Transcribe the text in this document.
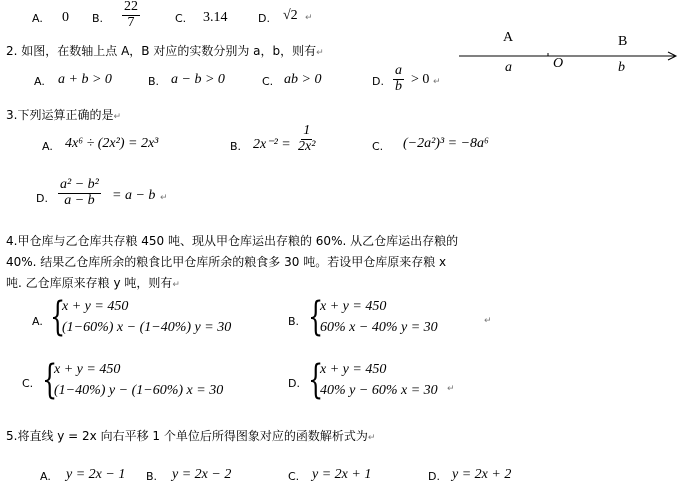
A. 0 B. $\frac{22}{7}$	C. 3.14	D. √2 ↵
2. 如图，在数轴上点 A，B 对应的实数分别为 a，b，则有↵
A	B
a	O	b
A. a + b > 0	B. a − b > 0	C. ab > 0	D. $\frac{a}{b} > 0$ ↵
3.下列运算正确的是↵
A. 4x⁶ ÷ (2x²) = 2x³	B. $2x^{-2} = \frac{1}{\text{2x²}}$	C. (−2a²)³ = −8a⁶
D. $\frac{\text{a² − b²}}{a - b} = a - b$ ↵
4.甲仓库与乙仓库共存粮 450 吨、现从甲仓库运出存粮的 60%. 从乙仓库运出存粮的
40%. 结果乙仓库所余的粮食比甲仓库所余的粮食多 30 吨。若设甲仓库原来存粮 x
吨. 乙仓库原来存粮 y 吨，则有↵
A. {
x + y = 450
(1−60%) x − (1−40%) y = 30	B. {
x + y = 450
60% x − 40% y = 30	↵
C. {
x + y = 450
(1−40%) y − (1−60%) x = 30	D. {
x + y = 450
40% y − 60% x = 30 ↵
5.将直线 y = 2x 向右平移 1 个单位后所得图象对应的函数解析式为↵
A. y = 2x − 1 B. y = 2x − 2	C. y = 2x + 1	D. y = 2x + 2
